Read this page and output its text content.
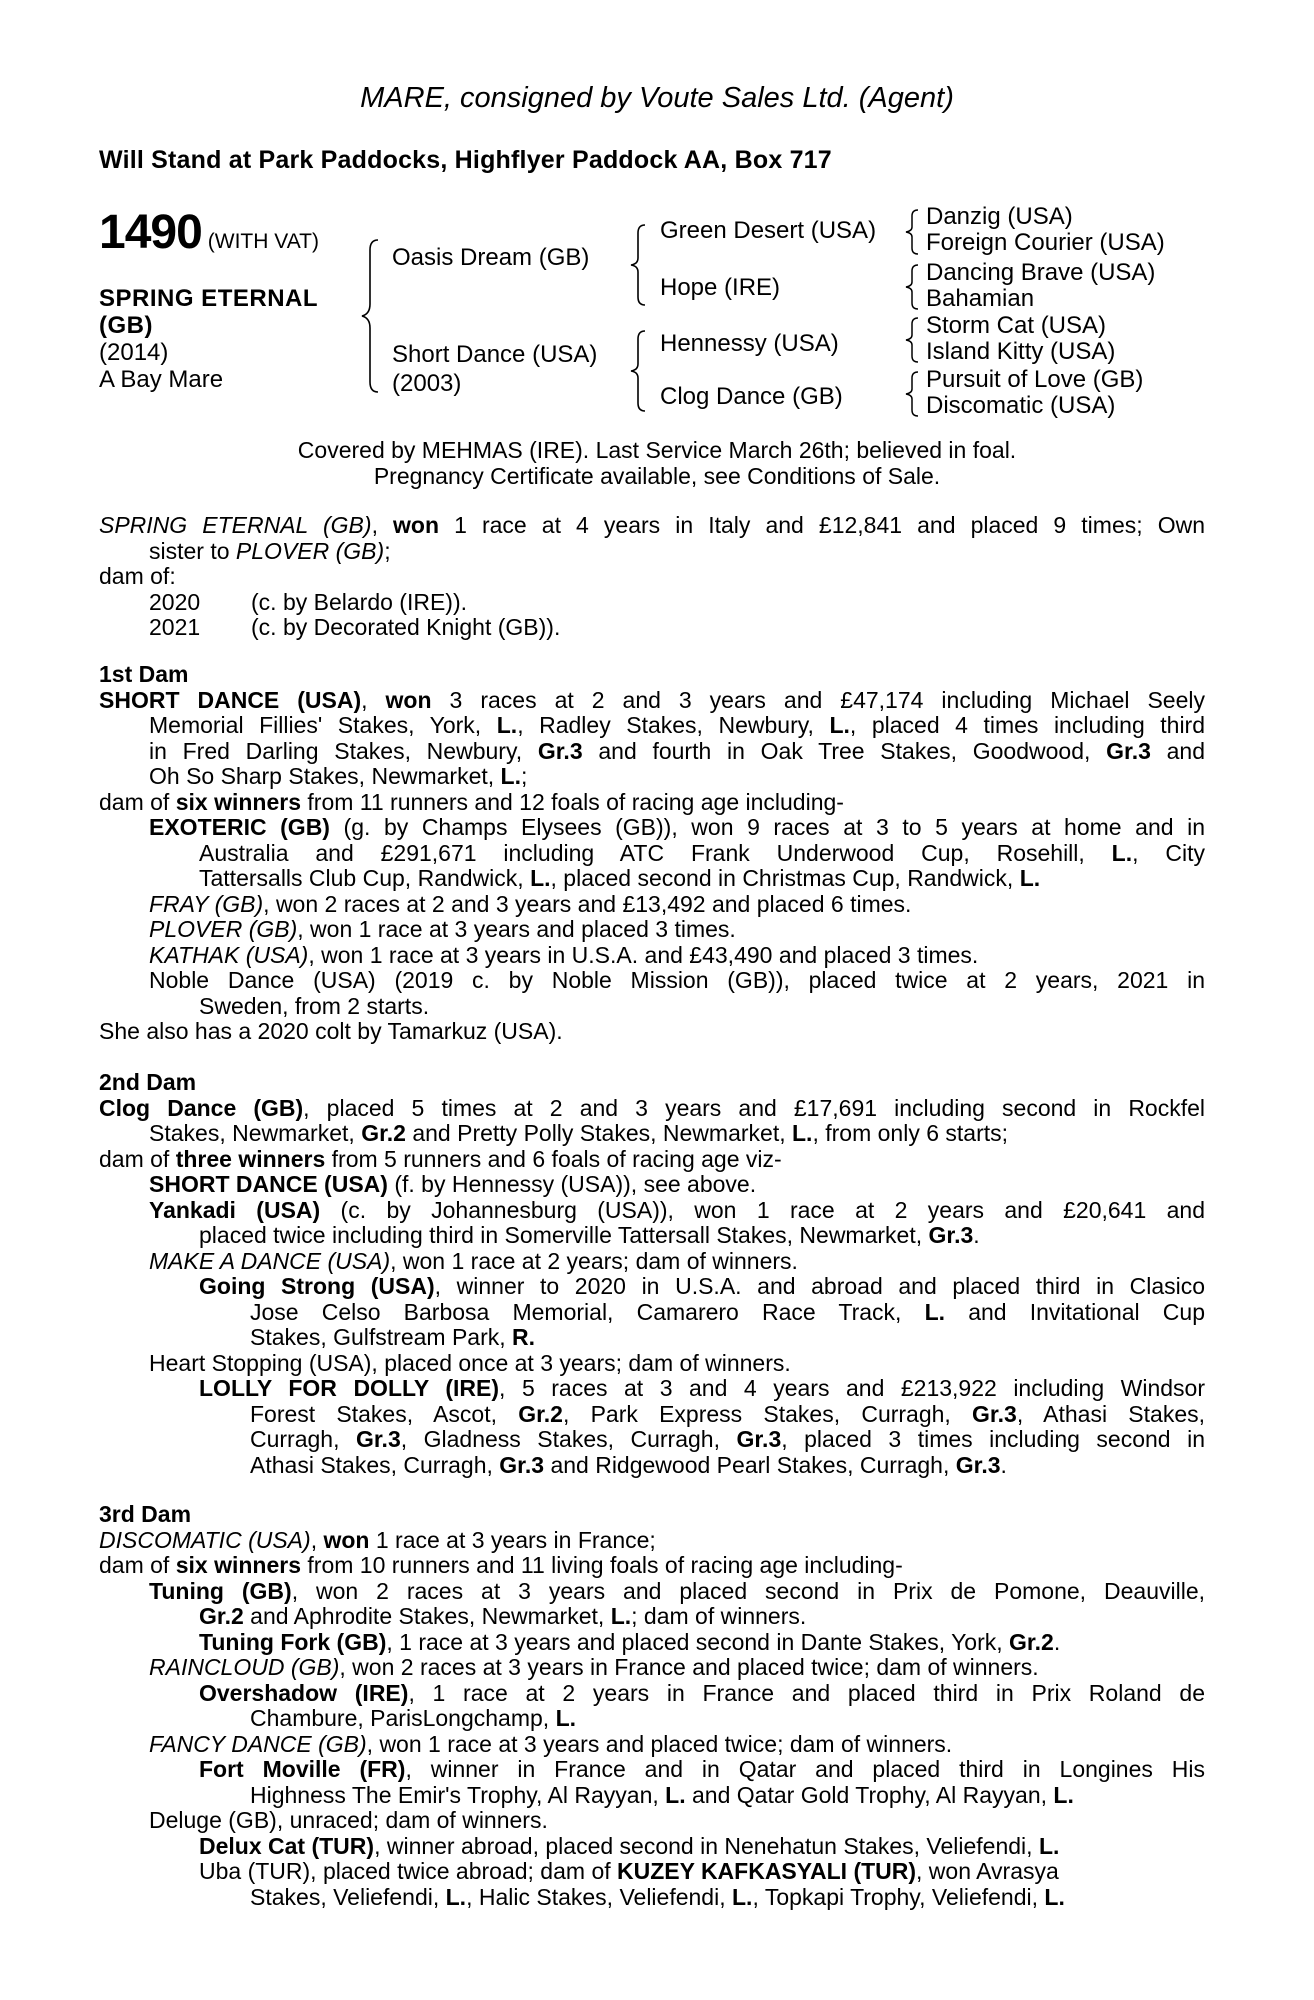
MARE, consigned by Voute Sales Ltd. (Agent)
Will Stand at Park Paddocks, Highflyer Paddock AA, Box 717
1490 (WITH VAT)
SPRING ETERNAL
(GB)
(2014)
A Bay Mare
Oasis Dream (GB)
Short Dance (USA)
(2003)
Green Desert (USA)
Hope (IRE)
Hennessy (USA)
Clog Dance (GB)
Danzig (USA)
Foreign Courier (USA)
Dancing Brave (USA)
Bahamian
Storm Cat (USA)
Island Kitty (USA)
Pursuit of Love (GB)
Discomatic (USA)
Covered by MEHMAS (IRE). Last Service March 26th; believed in foal.
Pregnancy Certificate available, see Conditions of Sale.
SPRING ETERNAL (GB), won 1 race at 4 years in Italy and £12,841 and placed 9 times; Own
sister to PLOVER (GB);
dam of:
2020 (c. by Belardo (IRE)).
2021 (c. by Decorated Knight (GB)).
1st Dam
SHORT DANCE (USA), won 3 races at 2 and 3 years and £47,174 including Michael Seely
Memorial Fillies' Stakes, York, L., Radley Stakes, Newbury, L., placed 4 times including third
in Fred Darling Stakes, Newbury, Gr.3 and fourth in Oak Tree Stakes, Goodwood, Gr.3 and
Oh So Sharp Stakes, Newmarket, L.;
dam of six winners from 11 runners and 12 foals of racing age including-
EXOTERIC (GB) (g. by Champs Elysees (GB)), won 9 races at 3 to 5 years at home and in
Australia and £291,671 including ATC Frank Underwood Cup, Rosehill, L., City
Tattersalls Club Cup, Randwick, L., placed second in Christmas Cup, Randwick, L.
FRAY (GB), won 2 races at 2 and 3 years and £13,492 and placed 6 times.
PLOVER (GB), won 1 race at 3 years and placed 3 times.
KATHAK (USA), won 1 race at 3 years in U.S.A. and £43,490 and placed 3 times.
Noble Dance (USA) (2019 c. by Noble Mission (GB)), placed twice at 2 years, 2021 in
Sweden, from 2 starts.
She also has a 2020 colt by Tamarkuz (USA).
2nd Dam
Clog Dance (GB), placed 5 times at 2 and 3 years and £17,691 including second in Rockfel
Stakes, Newmarket, Gr.2 and Pretty Polly Stakes, Newmarket, L., from only 6 starts;
dam of three winners from 5 runners and 6 foals of racing age viz-
SHORT DANCE (USA) (f. by Hennessy (USA)), see above.
Yankadi (USA) (c. by Johannesburg (USA)), won 1 race at 2 years and £20,641 and
placed twice including third in Somerville Tattersall Stakes, Newmarket, Gr.3.
MAKE A DANCE (USA), won 1 race at 2 years; dam of winners.
Going Strong (USA), winner to 2020 in U.S.A. and abroad and placed third in Clasico
Jose Celso Barbosa Memorial, Camarero Race Track, L. and Invitational Cup
Stakes, Gulfstream Park, R.
Heart Stopping (USA), placed once at 3 years; dam of winners.
LOLLY FOR DOLLY (IRE), 5 races at 3 and 4 years and £213,922 including Windsor
Forest Stakes, Ascot, Gr.2, Park Express Stakes, Curragh, Gr.3, Athasi Stakes,
Curragh, Gr.3, Gladness Stakes, Curragh, Gr.3, placed 3 times including second in
Athasi Stakes, Curragh, Gr.3 and Ridgewood Pearl Stakes, Curragh, Gr.3.
3rd Dam
DISCOMATIC (USA), won 1 race at 3 years in France;
dam of six winners from 10 runners and 11 living foals of racing age including-
Tuning (GB), won 2 races at 3 years and placed second in Prix de Pomone, Deauville,
Gr.2 and Aphrodite Stakes, Newmarket, L.; dam of winners.
Tuning Fork (GB), 1 race at 3 years and placed second in Dante Stakes, York, Gr.2.
RAINCLOUD (GB), won 2 races at 3 years in France and placed twice; dam of winners.
Overshadow (IRE), 1 race at 2 years in France and placed third in Prix Roland de
Chambure, ParisLongchamp, L.
FANCY DANCE (GB), won 1 race at 3 years and placed twice; dam of winners.
Fort Moville (FR), winner in France and in Qatar and placed third in Longines His
Highness The Emir's Trophy, Al Rayyan, L. and Qatar Gold Trophy, Al Rayyan, L.
Deluge (GB), unraced; dam of winners.
Delux Cat (TUR), winner abroad, placed second in Nenehatun Stakes, Veliefendi, L.
Uba (TUR), placed twice abroad; dam of KUZEY KAFKASYALI (TUR), won Avrasya
Stakes, Veliefendi, L., Halic Stakes, Veliefendi, L., Topkapi Trophy, Veliefendi, L.
